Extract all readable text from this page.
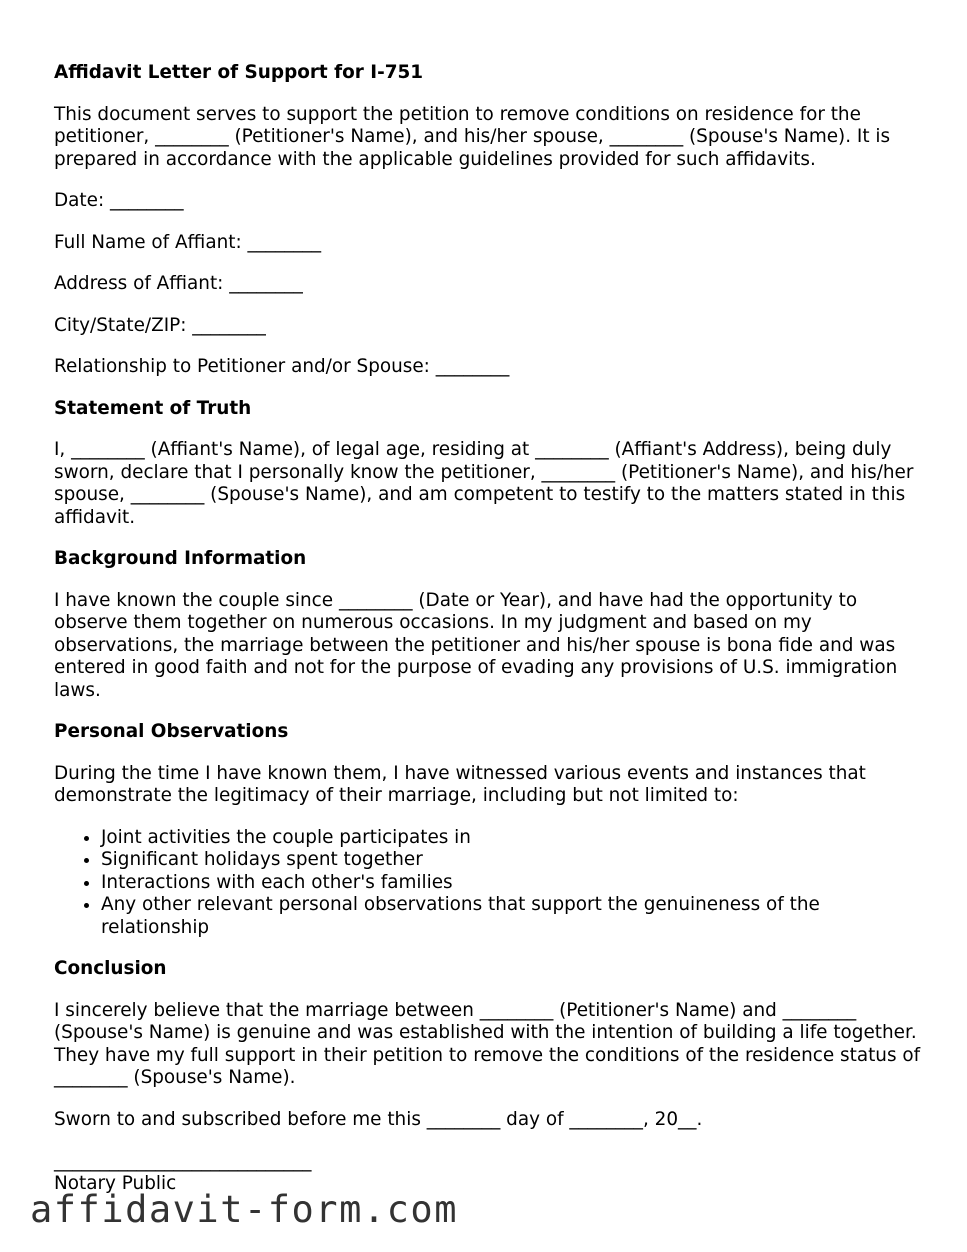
Affidavit Letter of Support for I-751

This document serves to support the petition to remove conditions on residence for the petitioner, ________ (Petitioner's Name), and his/her spouse, ________ (Spouse's Name). It is prepared in accordance with the applicable guidelines provided for such affidavits.

Date: ________

Full Name of Affiant: ________

Address of Affiant: ________

City/State/ZIP: ________

Relationship to Petitioner and/or Spouse: ________

Statement of Truth

I, ________ (Affiant's Name), of legal age, residing at ________ (Affiant's Address), being duly sworn, declare that I personally know the petitioner, ________ (Petitioner's Name), and his/her spouse, ________ (Spouse's Name), and am competent to testify to the matters stated in this affidavit.

Background Information

I have known the couple since ________ (Date or Year), and have had the opportunity to observe them together on numerous occasions. In my judgment and based on my observations, the marriage between the petitioner and his/her spouse is bona fide and was entered in good faith and not for the purpose of evading any provisions of U.S. immigration laws.

Personal Observations

During the time I have known them, I have witnessed various events and instances that demonstrate the legitimacy of their marriage, including but not limited to:

• Joint activities the couple participates in
• Significant holidays spent together
• Interactions with each other's families
• Any other relevant personal observations that support the genuineness of the relationship
Conclusion

I sincerely believe that the marriage between ________ (Petitioner's Name) and ________ (Spouse's Name) is genuine and was established with the intention of building a life together. They have my full support in their petition to remove the conditions of the residence status of ________ (Spouse's Name).

Sworn to and subscribed before me this ________ day of ________, 20__.

____________________________
Notary Public
affidavit-form.com
